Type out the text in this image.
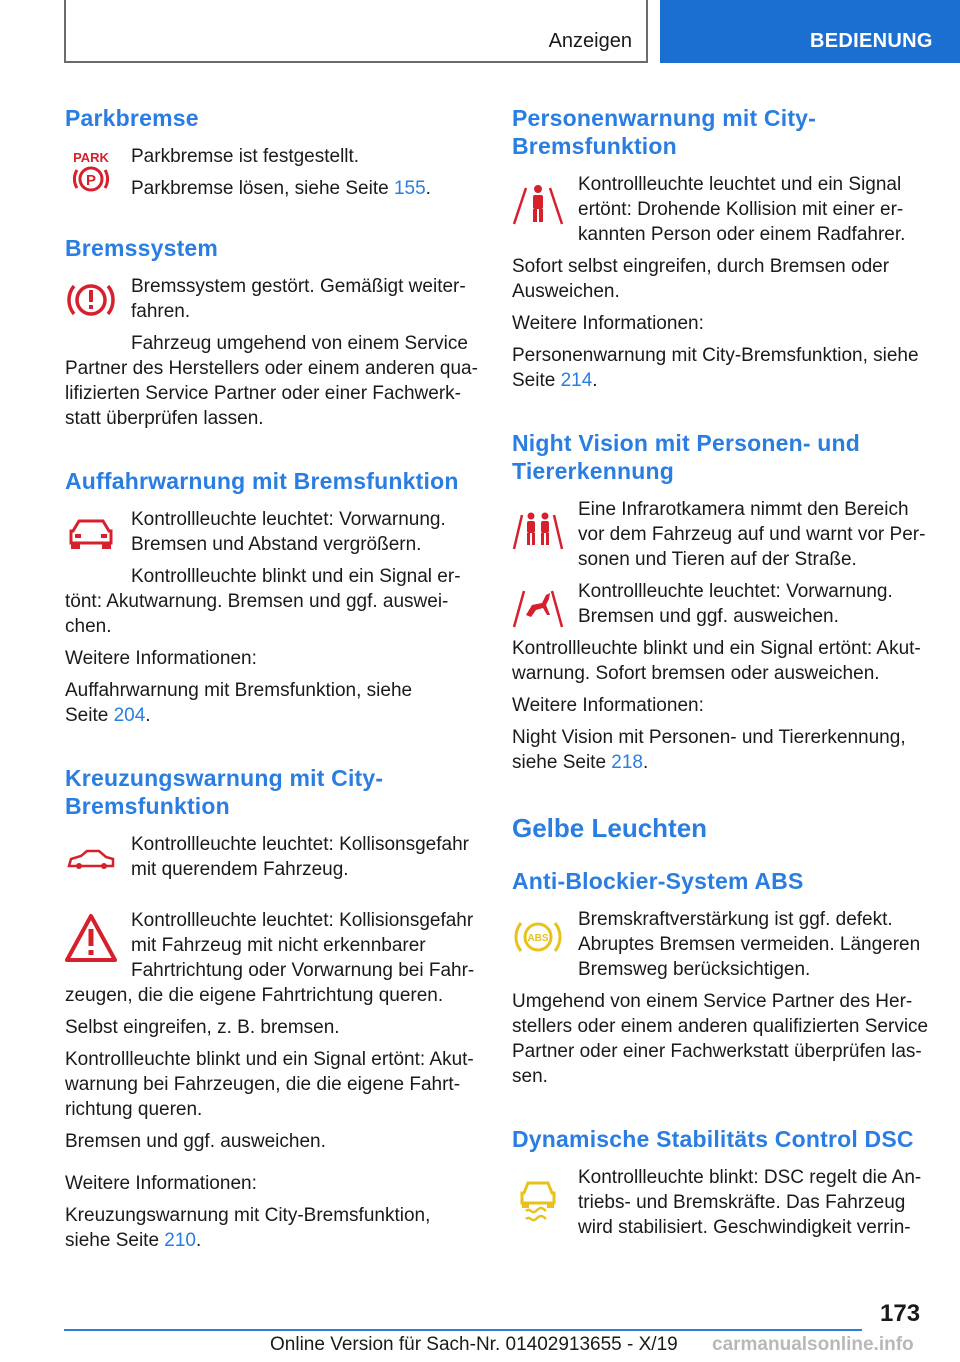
Anzeigen	BEDIENUNG
Parkbremse
PARK
P

Parkbremse ist festgestellt.

Parkbremse lösen, siehe Seite 155.

Bremssystem

Bremssystem gestört. Gemäßigt weiter-fahren.

Fahrzeug umgehend von einem Service

Partner des Herstellers oder einem anderen qua-lifizierten Service Partner oder einer Fachwerk-statt überprüfen lassen.

Auffahrwarnung mit Bremsfunktion

Kontrollleuchte leuchtet: Vorwarnung. Bremsen und Abstand vergrößern.

Kontrollleuchte blinkt und ein Signal er-

tönt: Akutwarnung. Bremsen und ggf. auswei-chen.

Weitere Informationen:

Auffahrwarnung mit Bremsfunktion, siehe Seite 204.

Kreuzungswarnung mit City-Bremsfunktion

Kontrollleuchte leuchtet: Kollisonsgefahr mit querendem Fahrzeug.

Kontrollleuchte leuchtet: Kollisionsgefahr mit Fahrzeug mit nicht erkennbarer Fahrtrichtung oder Vorwarnung bei Fahr-

zeugen, die die eigene Fahrtrichtung queren.

Selbst eingreifen, z. B. bremsen.

Kontrollleuchte blinkt und ein Signal ertönt: Akut-warnung bei Fahrzeugen, die die eigene Fahrt-richtung queren.

Bremsen und ggf. ausweichen.

Weitere Informationen:

Kreuzungswarnung mit City-Bremsfunktion, siehe Seite 210.

Personenwarnung mit City-Bremsfunktion

Kontrollleuchte leuchtet und ein Signal ertönt: Drohende Kollision mit einer er-kannten Person oder einem Radfahrer.

Sofort selbst eingreifen, durch Bremsen oder Ausweichen.

Weitere Informationen:

Personenwarnung mit City-Bremsfunktion, siehe Seite 214.

Night Vision mit Personen- und Tiererkennung

Eine Infrarotkamera nimmt den Bereich vor dem Fahrzeug auf und warnt vor Per-sonen und Tieren auf der Straße.

Kontrollleuchte leuchtet: Vorwarnung. Bremsen und ggf. ausweichen.

Kontrollleuchte blinkt und ein Signal ertönt: Akut-warnung. Sofort bremsen oder ausweichen.

Weitere Informationen:

Night Vision mit Personen- und Tiererkennung, siehe Seite 218.

Gelbe Leuchten
Anti-Blockier-System ABS
ABS

Bremskraftverstärkung ist ggf. defekt. Abruptes Bremsen vermeiden. Längeren Bremsweg berücksichtigen.

Umgehend von einem Service Partner des Her-stellers oder einem anderen qualifizierten Service Partner oder einer Fachwerkstatt überprüfen las-sen.

Dynamische Stabilitäts Control DSC

Kontrollleuchte blinkt: DSC regelt die An-triebs- und Bremskräfte. Das Fahrzeug wird stabilisiert. Geschwindigkeit verrin-

173
Online Version für Sach-Nr. 01402913655 - X/19 carmanualsonline.info
